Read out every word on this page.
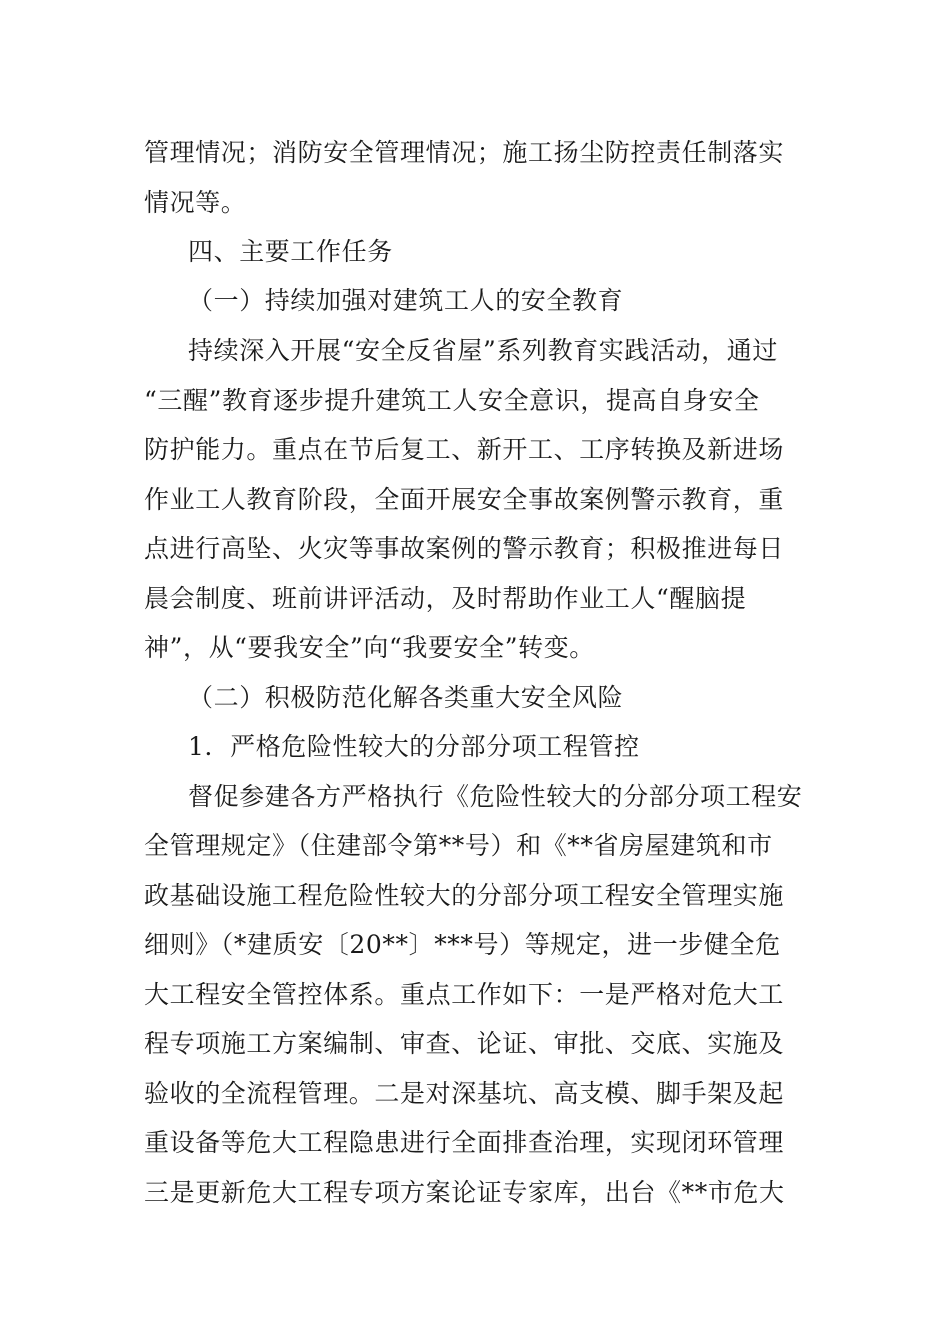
管理情况；消防安全管理情况；施工扬尘防控责任制落实
情况等。
四、主要工作任务
（一）持续加强对建筑工人的安全教育
持续深入开展“安全反省屋”系列教育实践活动，通过
“三醒”教育逐步提升建筑工人安全意识，提高自身安全
防护能力。重点在节后复工、新开工、工序转换及新进场
作业工人教育阶段，全面开展安全事故案例警示教育，重
点进行高坠、火灾等事故案例的警示教育；积极推进每日
晨会制度、班前讲评活动，及时帮助作业工人“醒脑提
神”，从“要我安全”向“我要安全”转变。
（二）积极防范化解各类重大安全风险
1．严格危险性较大的分部分项工程管控
督促参建各方严格执行《危险性较大的分部分项工程安
全管理规定》（住建部令第**号）和《**省房屋建筑和市
政基础设施工程危险性较大的分部分项工程安全管理实施
细则》（*建质安〔20**〕***号）等规定，进一步健全危
大工程安全管控体系。重点工作如下：一是严格对危大工
程专项施工方案编制、审查、论证、审批、交底、实施及
验收的全流程管理。二是对深基坑、高支模、脚手架及起
重设备等危大工程隐患进行全面排查治理，实现闭环管理
三是更新危大工程专项方案论证专家库，出台《**市危大
